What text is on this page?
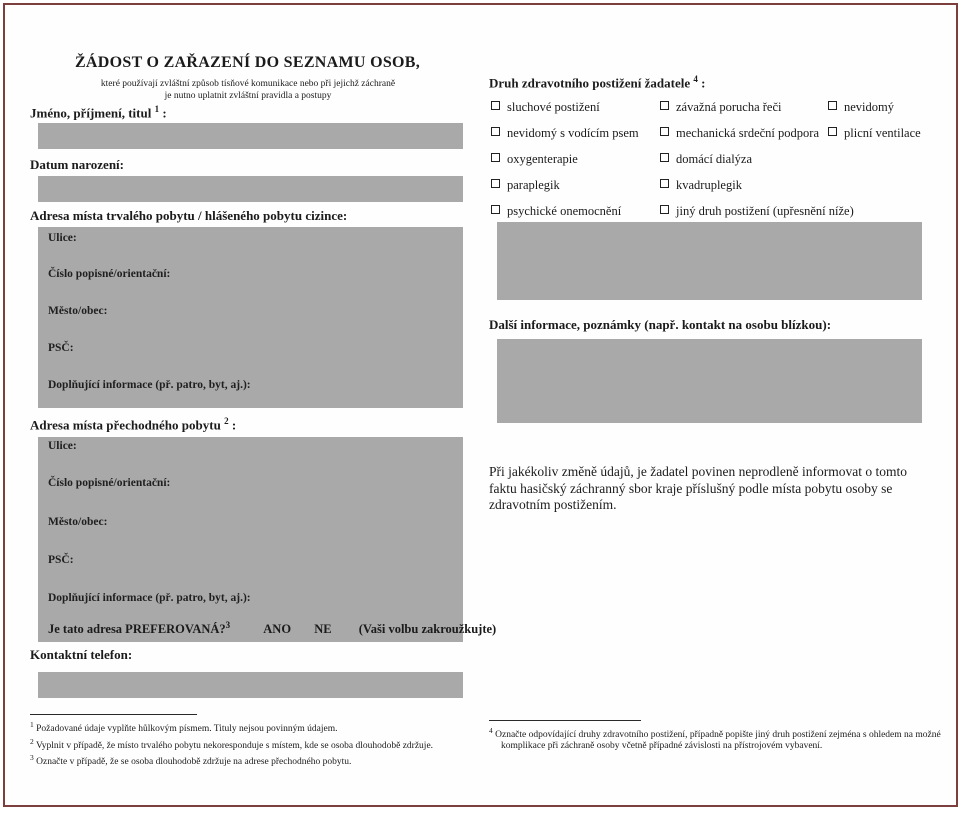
ŽÁDOST O ZAŘAZENÍ DO SEZNAMU OSOB,
které používají zvláštní způsob tísňové komunikace nebo při jejichž záchraně
je nutno uplatnit zvláštní pravidla a postupy
Jméno, příjmení, titul $^1$ :
Datum narození:
Adresa místa trvalého pobytu / hlášeného pobytu cizince:
Ulice:
Číslo popisné/orientační:
Město/obec:
PSČ:
Doplňující informace (př. patro, byt, aj.):
Adresa místa přechodného pobytu $^2$ :
Ulice:
Číslo popisné/orientační:
Město/obec:
PSČ:
Doplňující informace (př. patro, byt, aj.):
Je tato adresa PREFEROVANÁ?$^3$	ANO NE (Vaši volbu zakroužkujte)
Kontaktní telefon:
$^1$ Požadované údaje vyplňte hůlkovým písmem. Tituly nejsou povinným údajem.
$^2$ Vyplnit v případě, že místo trvalého pobytu nekoresponduje s místem, kde se osoba dlouhodobě zdržuje.
$^3$ Označte v případě, že se osoba dlouhodobě zdržuje na adrese přechodného pobytu.
Druh zdravotního postižení žadatele $^4$ :
sluchové postižení	závažná porucha řeči	nevidomý
nevidomý s vodícím psem	mechanická srdeční podpora	plicní ventilace
oxygenterapie	domácí dialýza
paraplegik	kvadruplegik
psychické onemocnění	jiný druh postižení (upřesnění níže)
Další informace, poznámky (např. kontakt na osobu blízkou):
Při jakékoliv změně údajů, je žadatel povinen neprodleně informovat o tomto faktu hasičský záchranný sbor kraje příslušný podle místa pobytu osoby se zdravotním postižením.
$^4$ Označte odpovídající druhy zdravotního postižení, případně popište jiný druh postižení zejména s ohledem na možné komplikace při záchraně osoby včetně případné závislosti na přístrojovém vybavení.
